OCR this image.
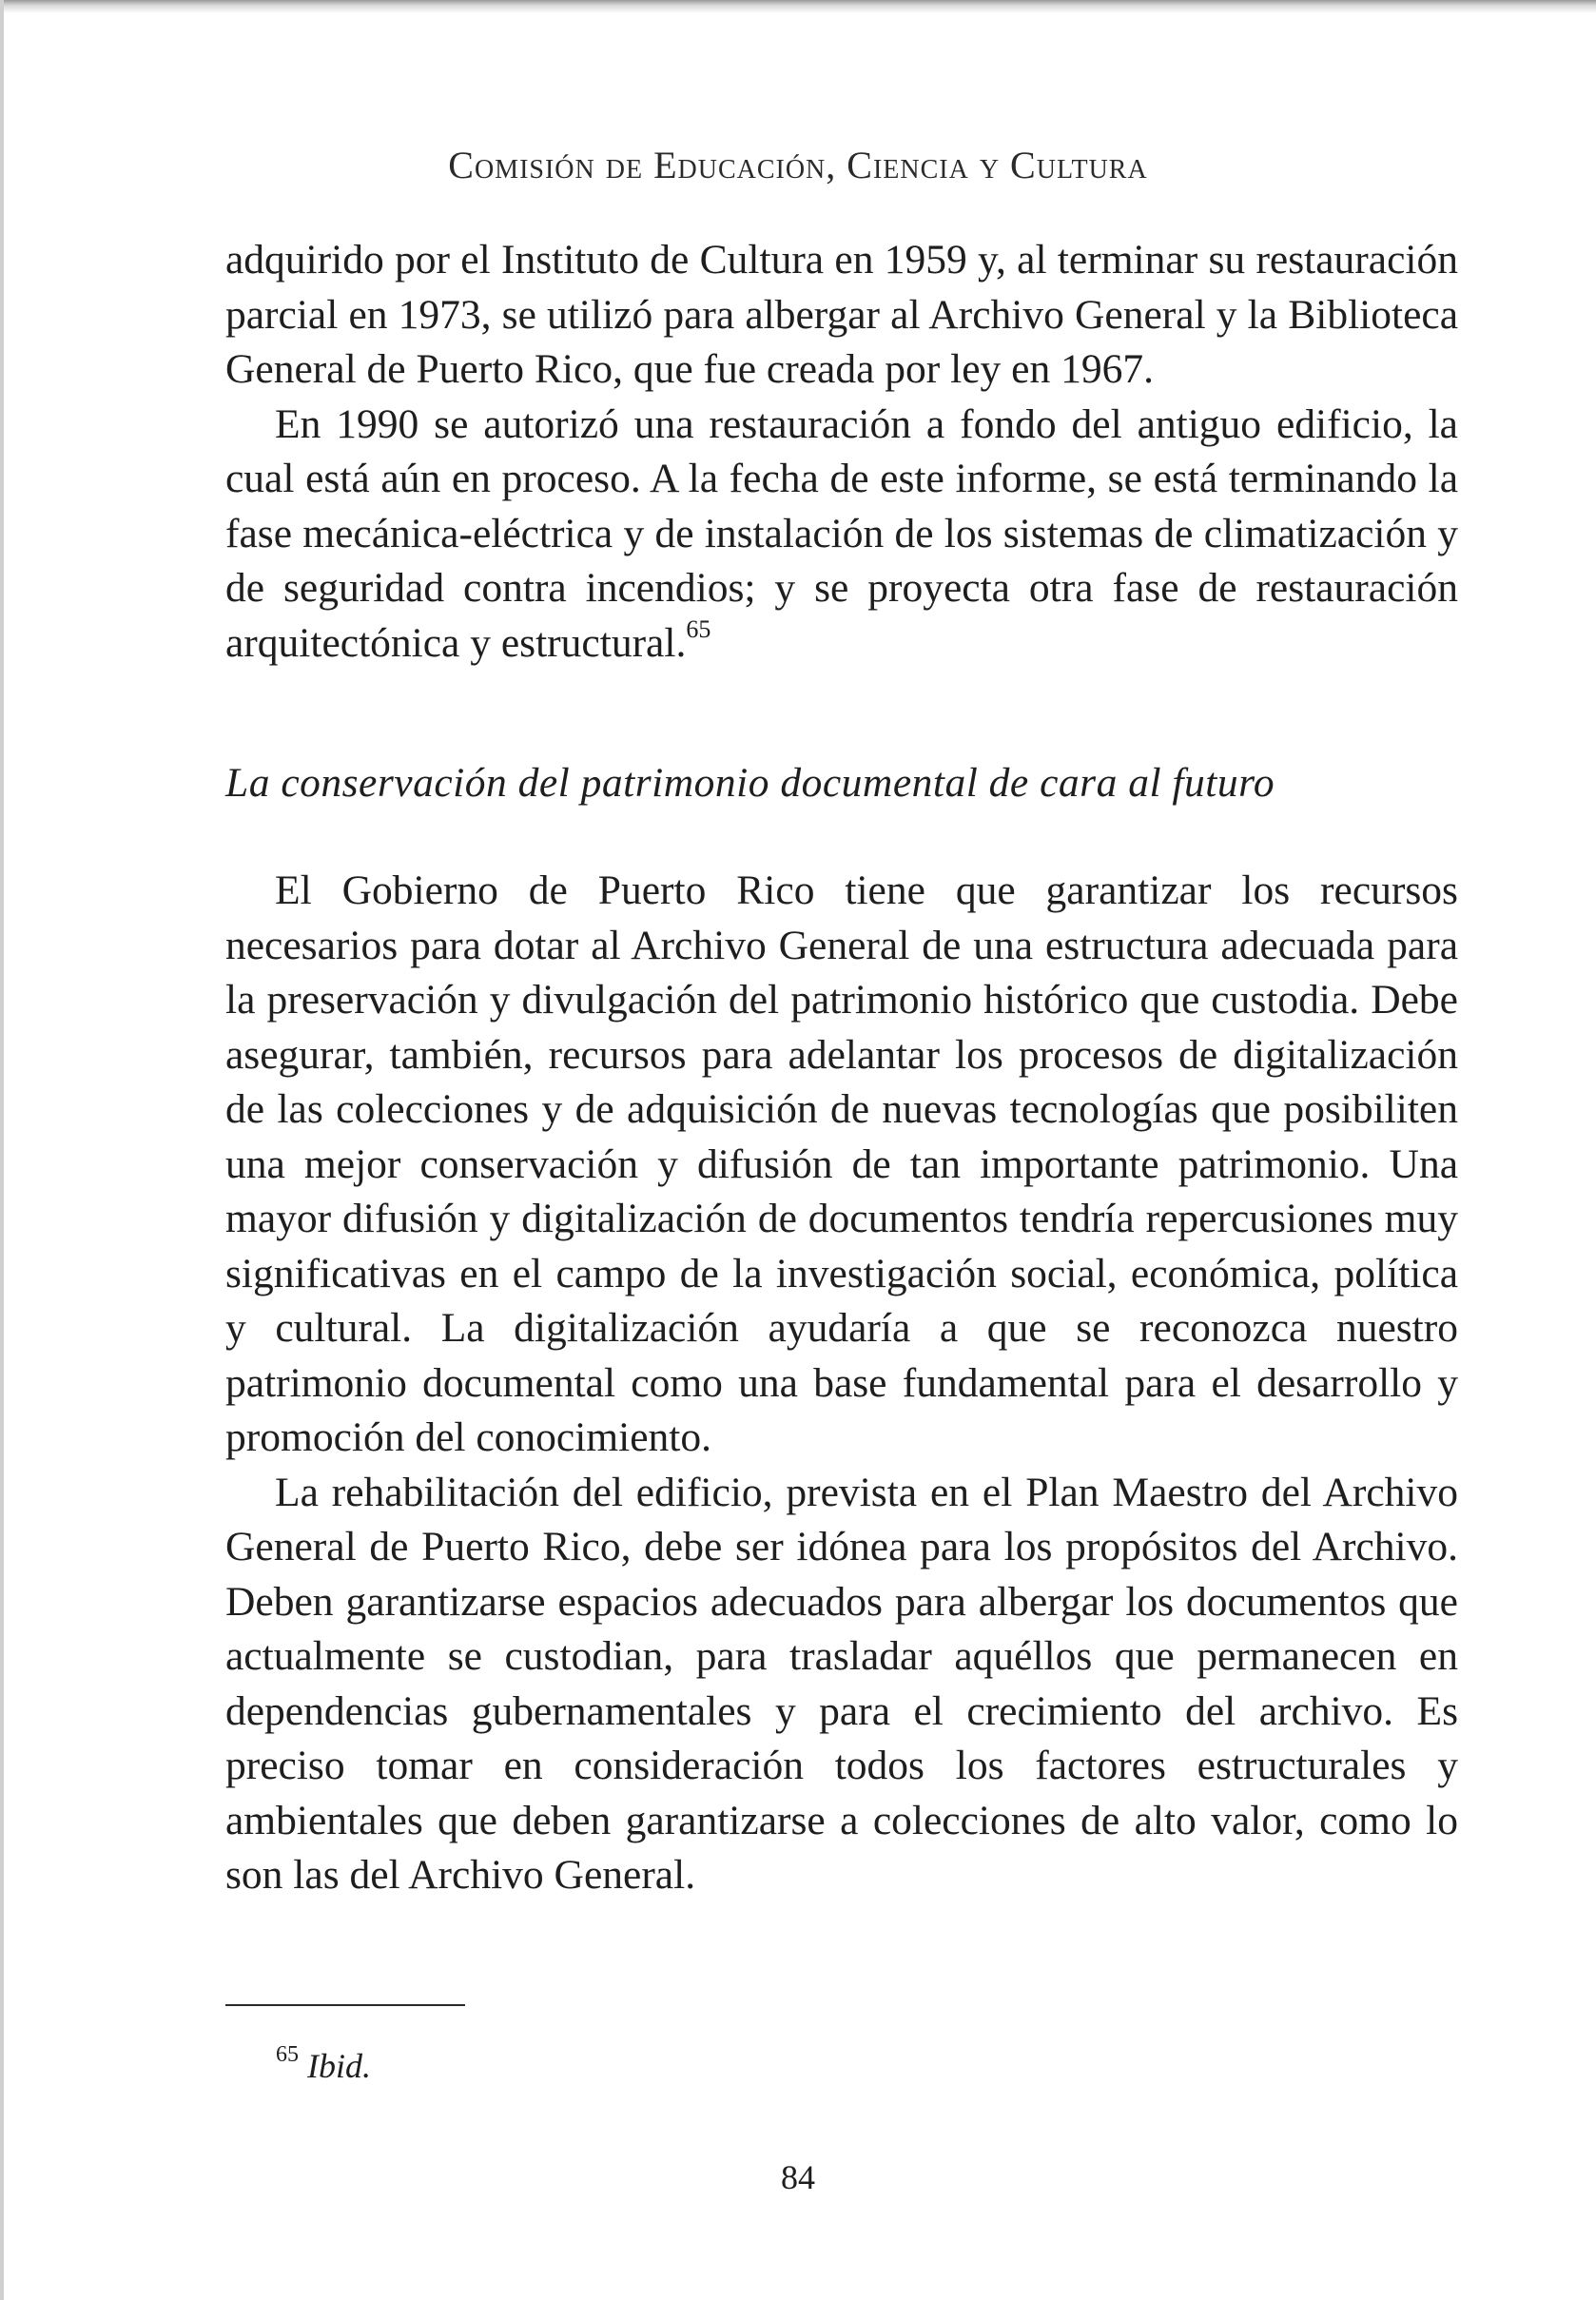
Comisión de Educación, Ciencia y Cultura

adquirido por el Instituto de Cultura en 1959 y, al terminar su restauración parcial en 1973, se utilizó para albergar al Archivo General y la Biblioteca General de Puerto Rico, que fue creada por ley en 1967.

En 1990 se autorizó una restauración a fondo del antiguo edificio, la cual está aún en proceso. A la fecha de este informe, se está terminando la fase mecánica-eléctrica y de instalación de los sistemas de climatización y de seguridad contra incendios; y se proyecta otra fase de restauración arquitectónica y estructural.$^{65}$

La conservación del patrimonio documental de cara al futuro

El Gobierno de Puerto Rico tiene que garantizar los recursos necesarios para dotar al Archivo General de una estructura adecuada para la preservación y divulgación del patrimonio histórico que custodia. Debe asegurar, también, recursos para adelantar los procesos de digitalización de las colecciones y de adquisición de nuevas tecnologías que posibiliten una mejor conservación y difusión de tan importante patrimonio. Una mayor difusión y digitalización de documentos tendría repercusiones muy significativas en el campo de la investigación social, económica, política y cultural. La digitalización ayudaría a que se reconozca nuestro patrimonio documental como una base fundamental para el desarrollo y promoción del conocimiento.

La rehabilitación del edificio, prevista en el Plan Maestro del Archivo General de Puerto Rico, debe ser idónea para los propósitos del Archivo. Deben garantizarse espacios adecuados para albergar los documentos que actualmente se custodian, para trasladar aquéllos que permanecen en dependencias gubernamentales y para el crecimiento del archivo. Es preciso tomar en consideración todos los factores estructurales y ambientales que deben garantizarse a colecciones de alto valor, como lo son las del Archivo General.

$^{65}$ Ibid.
84
